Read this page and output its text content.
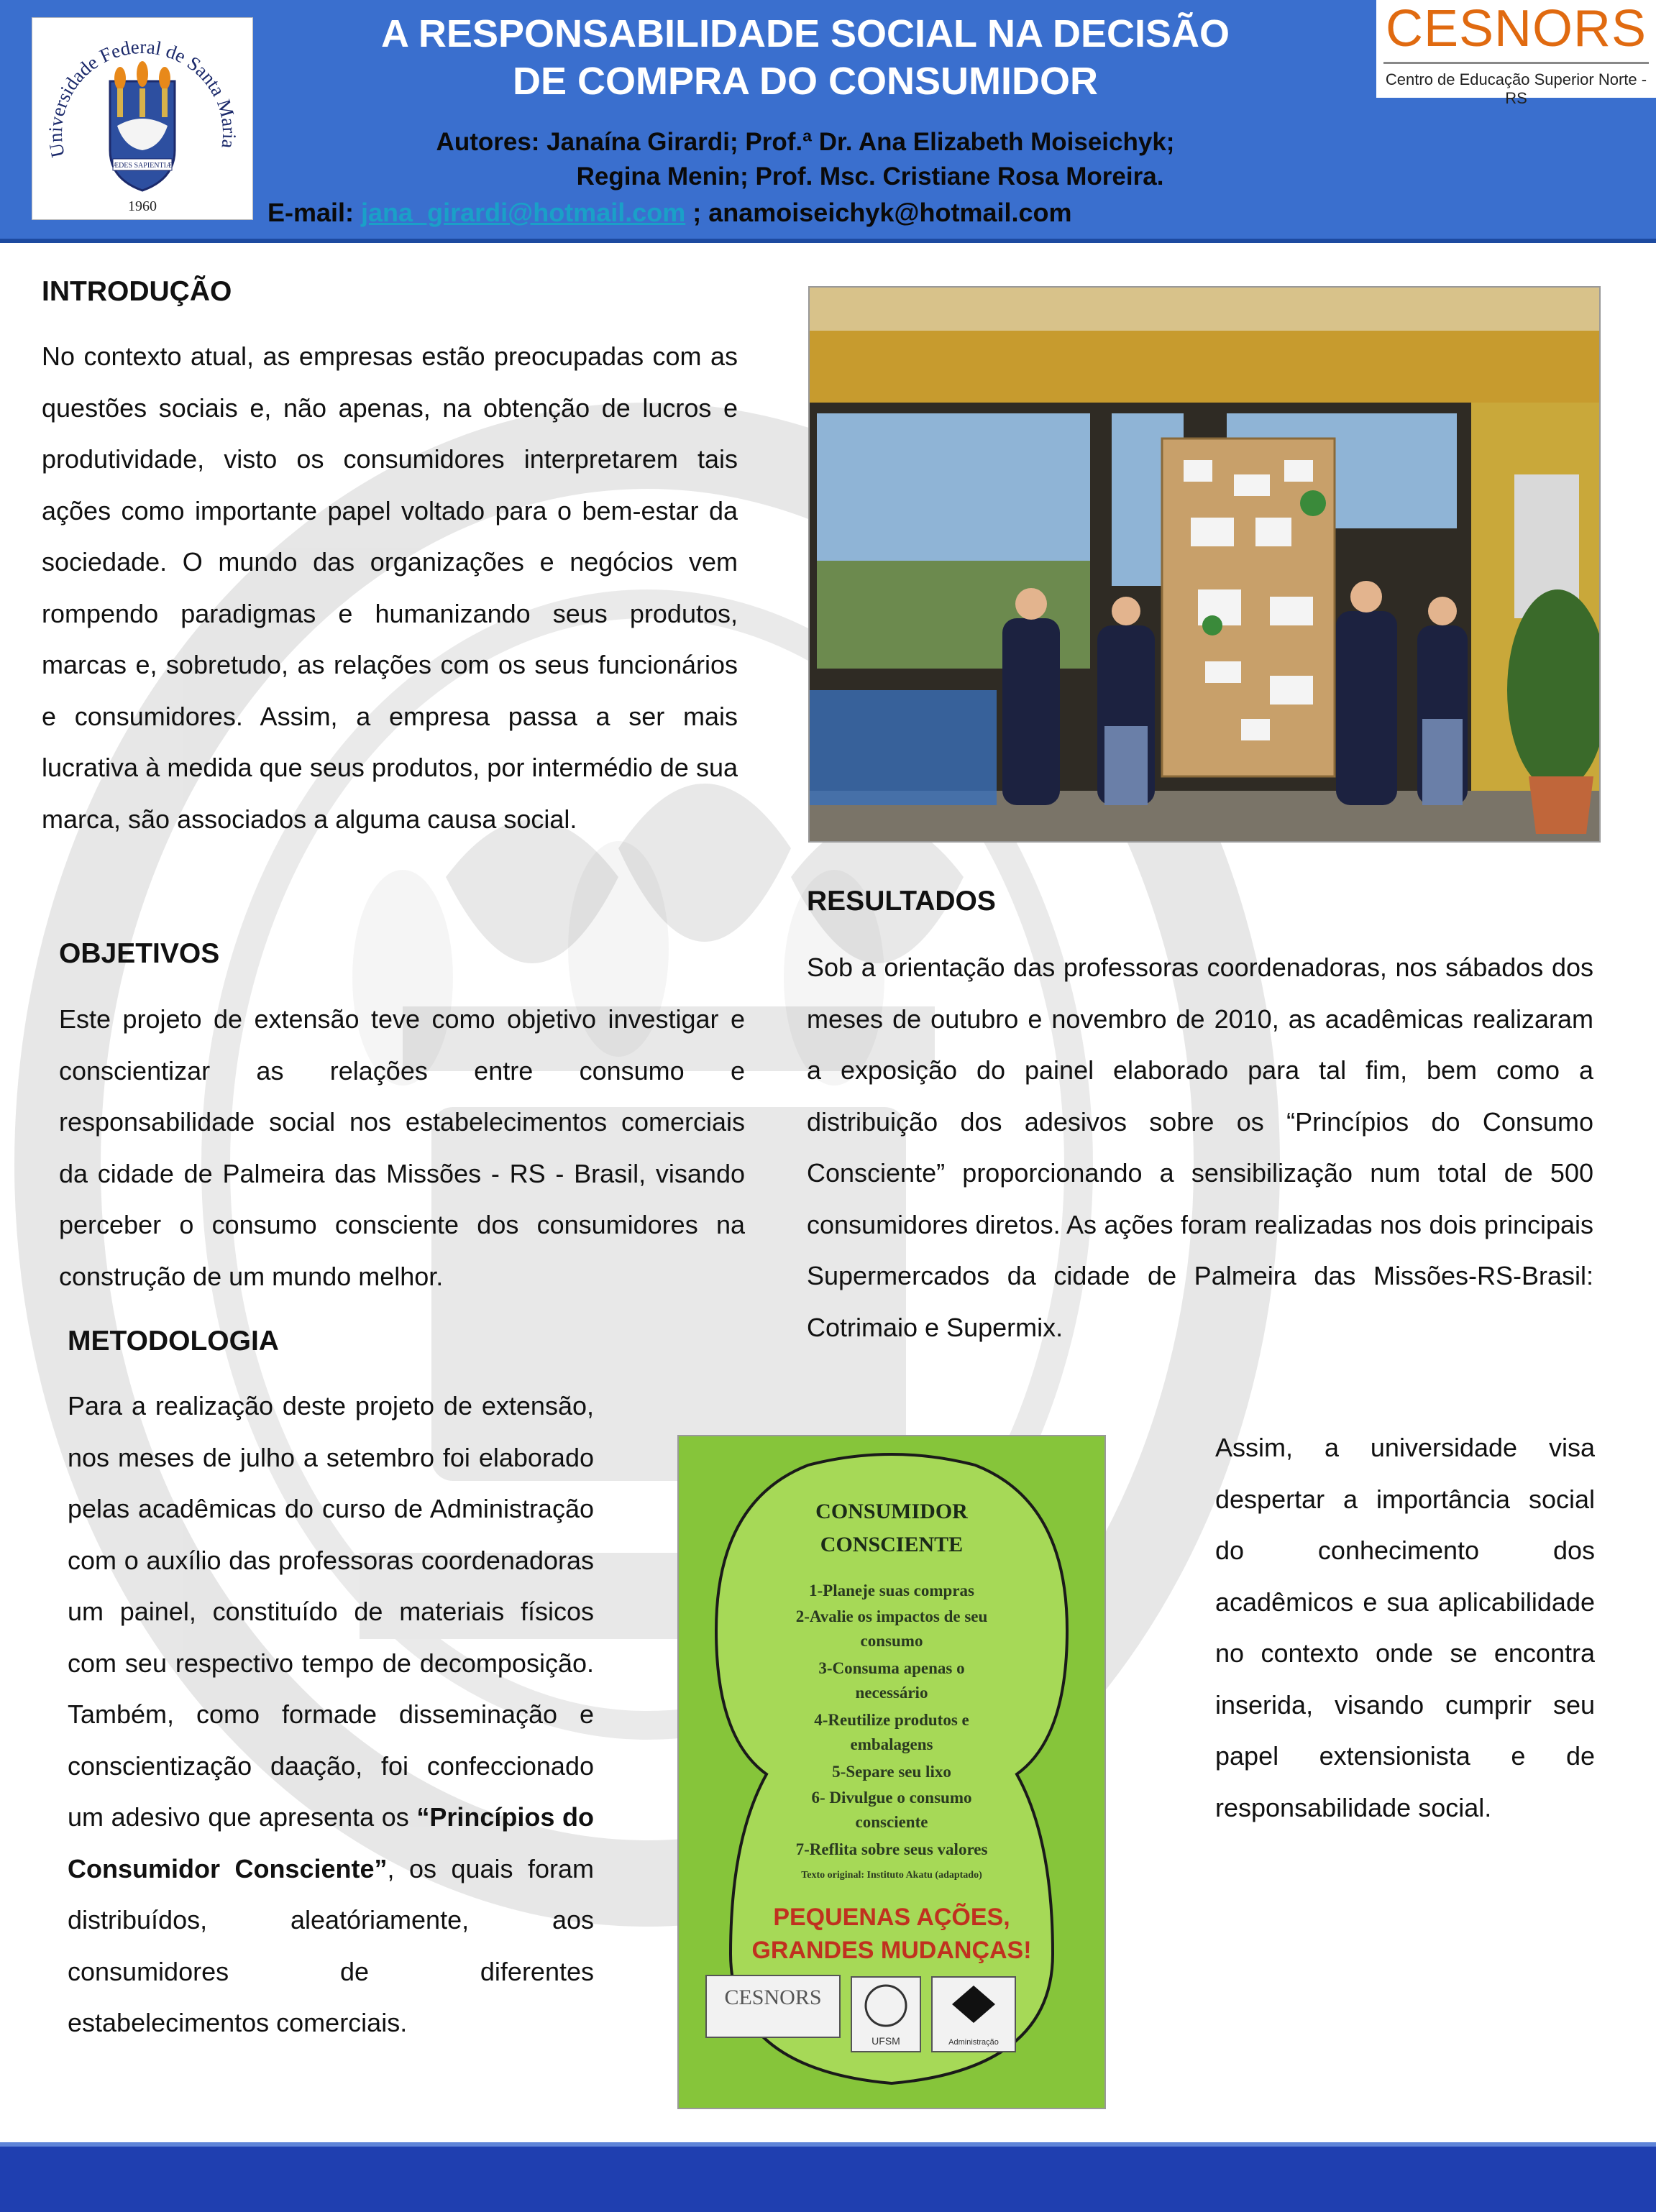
Universidade Federal de Santa Maria
ÆDES SAPIENTIÆ
1960
A RESPONSABILIDADE SOCIAL NA DECISÃO
DE COMPRA DO CONSUMIDOR
Autores: Janaína Girardi; Prof.ª Dr. Ana Elizabeth Moiseichyk;
Regina Menin; Prof. Msc. Cristiane Rosa Moreira.
E-mail: jana_girardi@hotmail.com ; anamoiseichyk@hotmail.com
CESNORS
Centro de Educação Superior Norte - RS
INTRODUÇÃO
No contexto atual, as empresas estão preocupadas com as questões sociais e, não apenas, na obtenção de lucros e produtividade, visto os consumidores interpretarem tais ações como importante papel voltado para o bem-estar da sociedade. O mundo das organizações e negócios vem rompendo paradigmas e humanizando seus produtos, marcas e, sobretudo, as relações com os seus funcionários e consumidores. Assim, a empresa passa a ser mais lucrativa à medida que seus produtos, por intermédio de sua marca, são associados a alguma causa social.
OBJETIVOS
Este projeto de extensão teve como objetivo investigar e conscientizar as relações entre consumo e responsabilidade social nos estabelecimentos comerciais da cidade de Palmeira das Missões - RS - Brasil, visando perceber o consumo consciente dos consumidores na construção de um mundo melhor.
METODOLOGIA
Para a realização deste projeto de extensão, nos meses de julho a setembro foi elaborado pelas acadêmicas do curso de Administração com o auxílio das professoras coordenadoras um painel, constituído de materiais físicos com seu respectivo tempo de decomposição. Também, como formade disseminação e conscientização daação, foi confeccionado um adesivo que apresenta os “Princípios do Consumidor Consciente”, os quais foram distribuídos, aleatóriamente, aos consumidores de diferentes estabelecimentos comerciais.
RESULTADOS
Sob a orientação das professoras coordenadoras, nos sábados dos meses de outubro e novembro de 2010, as acadêmicas realizaram a exposição do painel elaborado para tal fim, bem como a distribuição dos adesivos sobre os “Princípios do Consumo Consciente” proporcionando a sensibilização num total de 500 consumidores diretos. As ações foram realizadas nos dois principais Supermercados da cidade de Palmeira das Missões-RS-Brasil: Cotrimaio e Supermix.
Assim, a universidade visa despertar a importância social do conhecimento dos acadêmicos e sua aplicabilidade no contexto onde se encontra inserida, visando cumprir seu papel extensionista e de responsabilidade social.
CONSUMIDOR
CONSCIENTE
1-Planeje suas compras
2-Avalie os impactos de seu
consumo
3-Consuma apenas o
necessário
4-Reutilize produtos e
embalagens
5-Separe seu lixo
6- Divulgue o consumo
consciente
7-Reflita sobre seus valores
Texto original: Instituto Akatu (adaptado)
PEQUENAS AÇÕES,
GRANDES MUDANÇAS!
CESNORS
UFSM	Administração
